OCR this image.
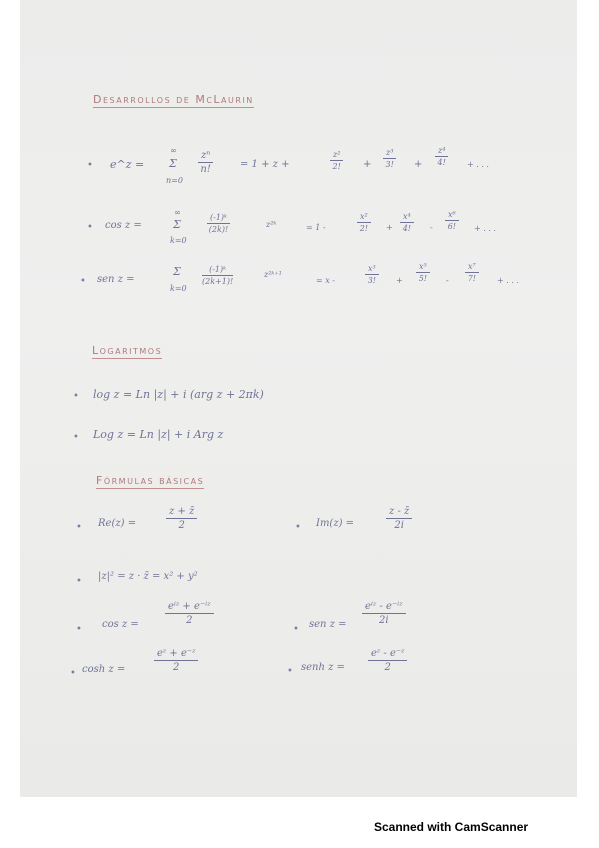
Desarrollos de McLaurin
• e^z =
∞
Σ
n=0
$\frac{\text{zⁿ}}{n!}$	= 1 + z +	$\frac{\text{z²}}{2!} + \frac{\text{z³}}{3!} + \frac{\text{z⁴}}{4!}$ + . . .
• cos z =
∞
Σ
k=0
$\frac{\text{(-1)ᵏ}}{(2k)!}$	z²ᵏ	= 1 -	$\frac{\text{x²}}{2!} + \frac{\text{x⁴}}{4!} - \frac{\text{x⁶}}{6!}$ + . . .
• sen z =
Σ
k=0
$\frac{\text{(-1)ᵏ}}{(2k+1)!}$	z²ᵏ⁺¹
= x -	$\frac{\text{x³}}{3!} + \frac{\text{x⁵}}{5!} - \frac{\text{x⁷}}{7!}$ + . . .
Logaritmos
• log z = Ln |z| + i (arg z + 2πk)
• Log z = Ln |z| + i Arg z
Fórmulas básicas
• Re(z) =	$\frac{z + z̄}{2}$	• Im(z) =	$\frac{z - z̄}{2i}$
• |z|² = z · z̄ = x² + y²
• cos z =
eⁱᶻ + e⁻ⁱᶻ
2
• sen z =
eⁱᶻ - e⁻ⁱᶻ
2i
• cosh z =	$\frac{\text{eᶻ + e⁻ᶻ}}{2}$	• senh $z = \frac{\text{eᶻ - e⁻ᶻ}}{2}$
Scanned with CamScanner
